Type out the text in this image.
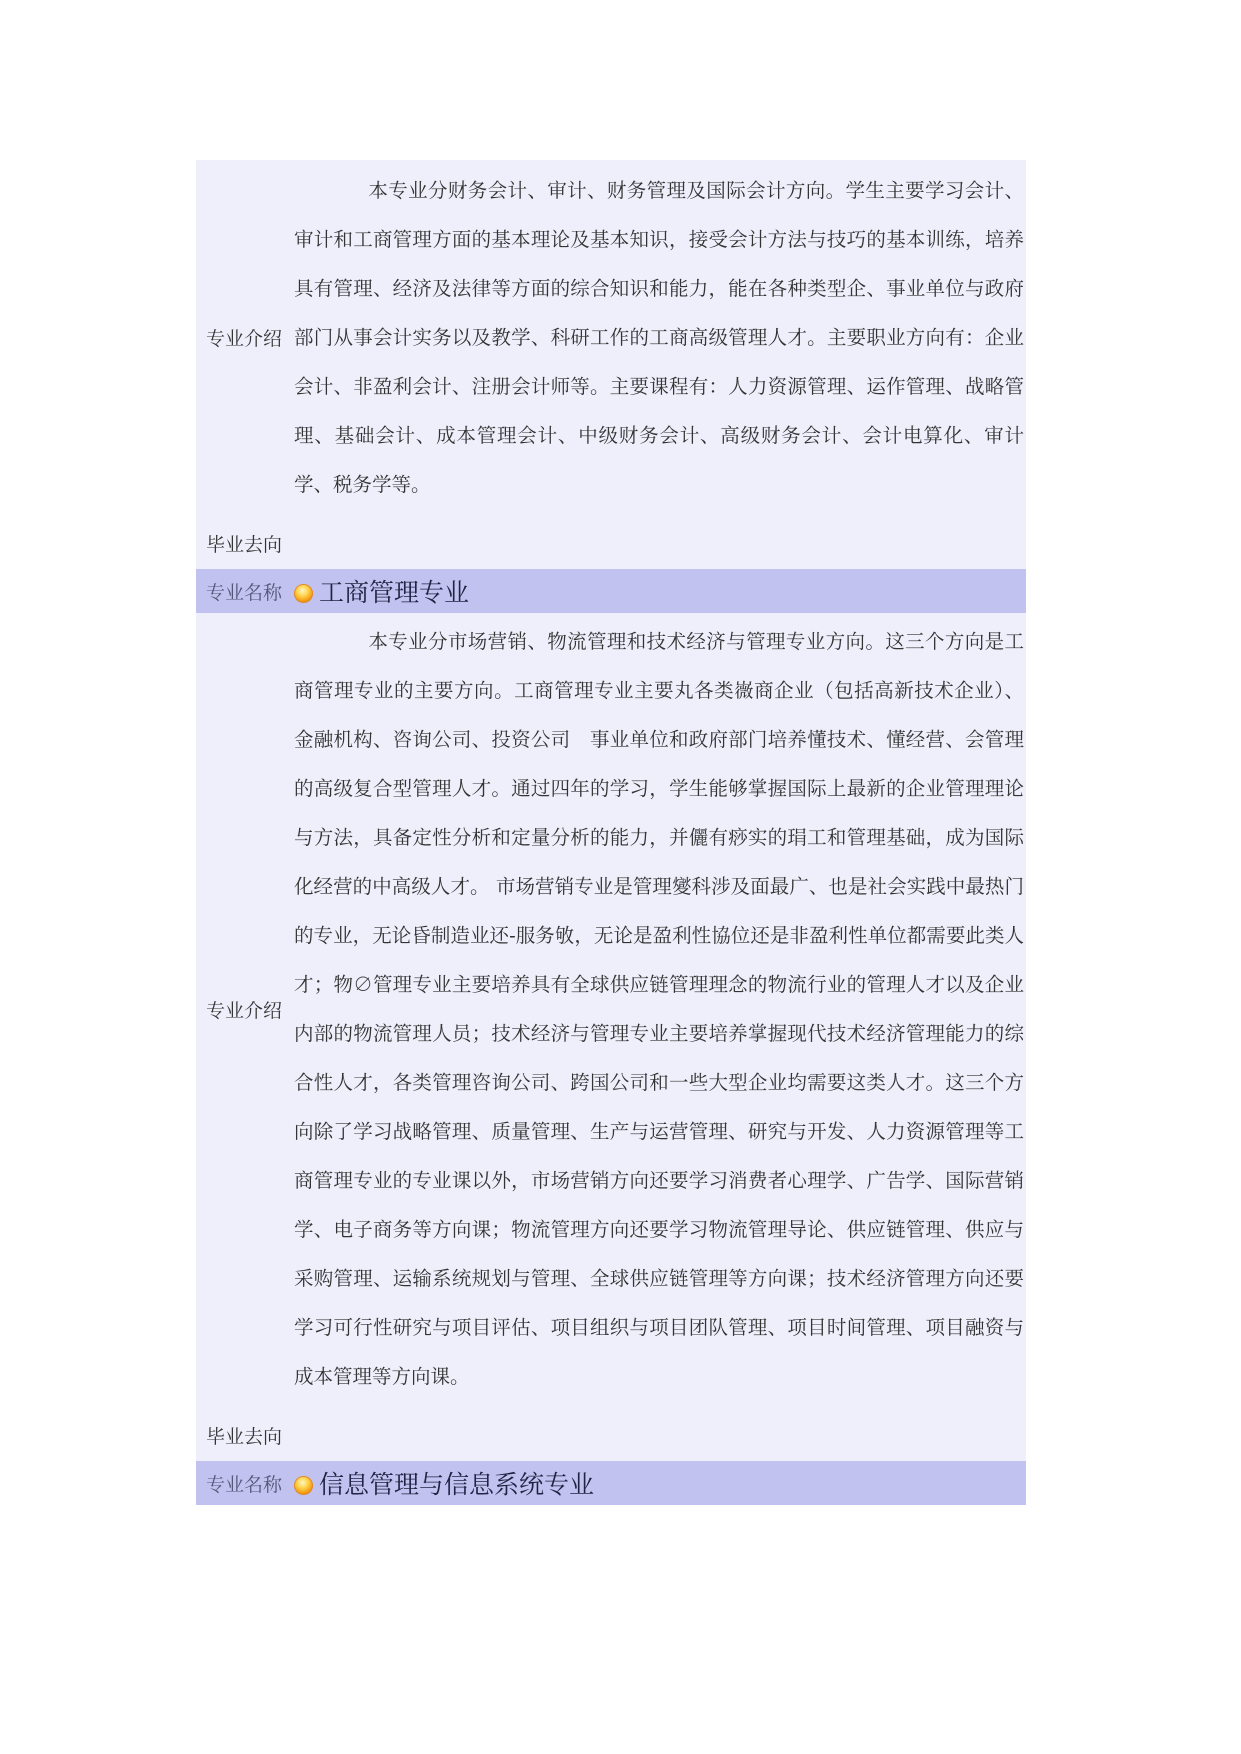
专业介绍
本专业分财务会计、审计、财务管理及国际会计方向。学生主要学习会计、审计和工商管理方面的基本理论及基本知识，接受会计方法与技巧的基本训练，培养具有管理、经济及法律等方面的综合知识和能力，能在各种类型企、事业单位与政府部门从事会计实务以及教学、科研工作的工商高级管理人才。主要职业方向有：企业会计、非盈利会计、注册会计师等。主要课程有：人力资源管理、运作管理、战略管理、基础会计、成本管理会计、中级财务会计、高级财务会计、会计电算化、审计学、税务学等。
毕业去向
专业名称	工商管理专业
专业介绍
本专业分市场营销、物流管理和技术经济与管理专业方向。这三个方向是工商管理专业的主要方向。工商管理专业主要丸各类嶶商企业（包括高新技术企业）、金融机构、咨询公司、投资公司　事业单位和政府部门培养懂技术、懂经营、会管理的高级复合型管理人才。通过四年的学习，学生能够掌握国际上最新的企业管理理论与方法，具备定性分析和定量分析的能力，并儷有痧实的琄工和管理基础，成为国际化经营的中高级人才。 市场营销专业是管理夑科涉及面最广、也是社会实践中最热门的专业，无论昏制造业还-服务敂，无论是盈利性協位还是非盈利性单位都需要此类人才；物∅管理专业主要培养具有全球供应链管理理念的物流行业的管理人才以及企业内部的物流管理人员；技术经济与管理专业主要培养掌握现代技术经济管理能力的综合性人才，各类管理咨询公司、跨国公司和一些大型企业均需要这类人才。这三个方向除了学习战略管理、质量管理、生产与运营管理、研究与开发、人力资源管理等工商管理专业的专业课以外，市场营销方向还要学习消费者心理学、广告学、国际营销学、电子商务等方向课；物流管理方向还要学习物流管理导论、供应链管理、供应与采购管理、运输系统规划与管理、全球供应链管理等方向课；技术经济管理方向还要学习可行性研究与项目评估、项目组织与项目团队管理、项目时间管理、项目融资与成本管理等方向课。
毕业去向
专业名称	信息管理与信息系统专业
